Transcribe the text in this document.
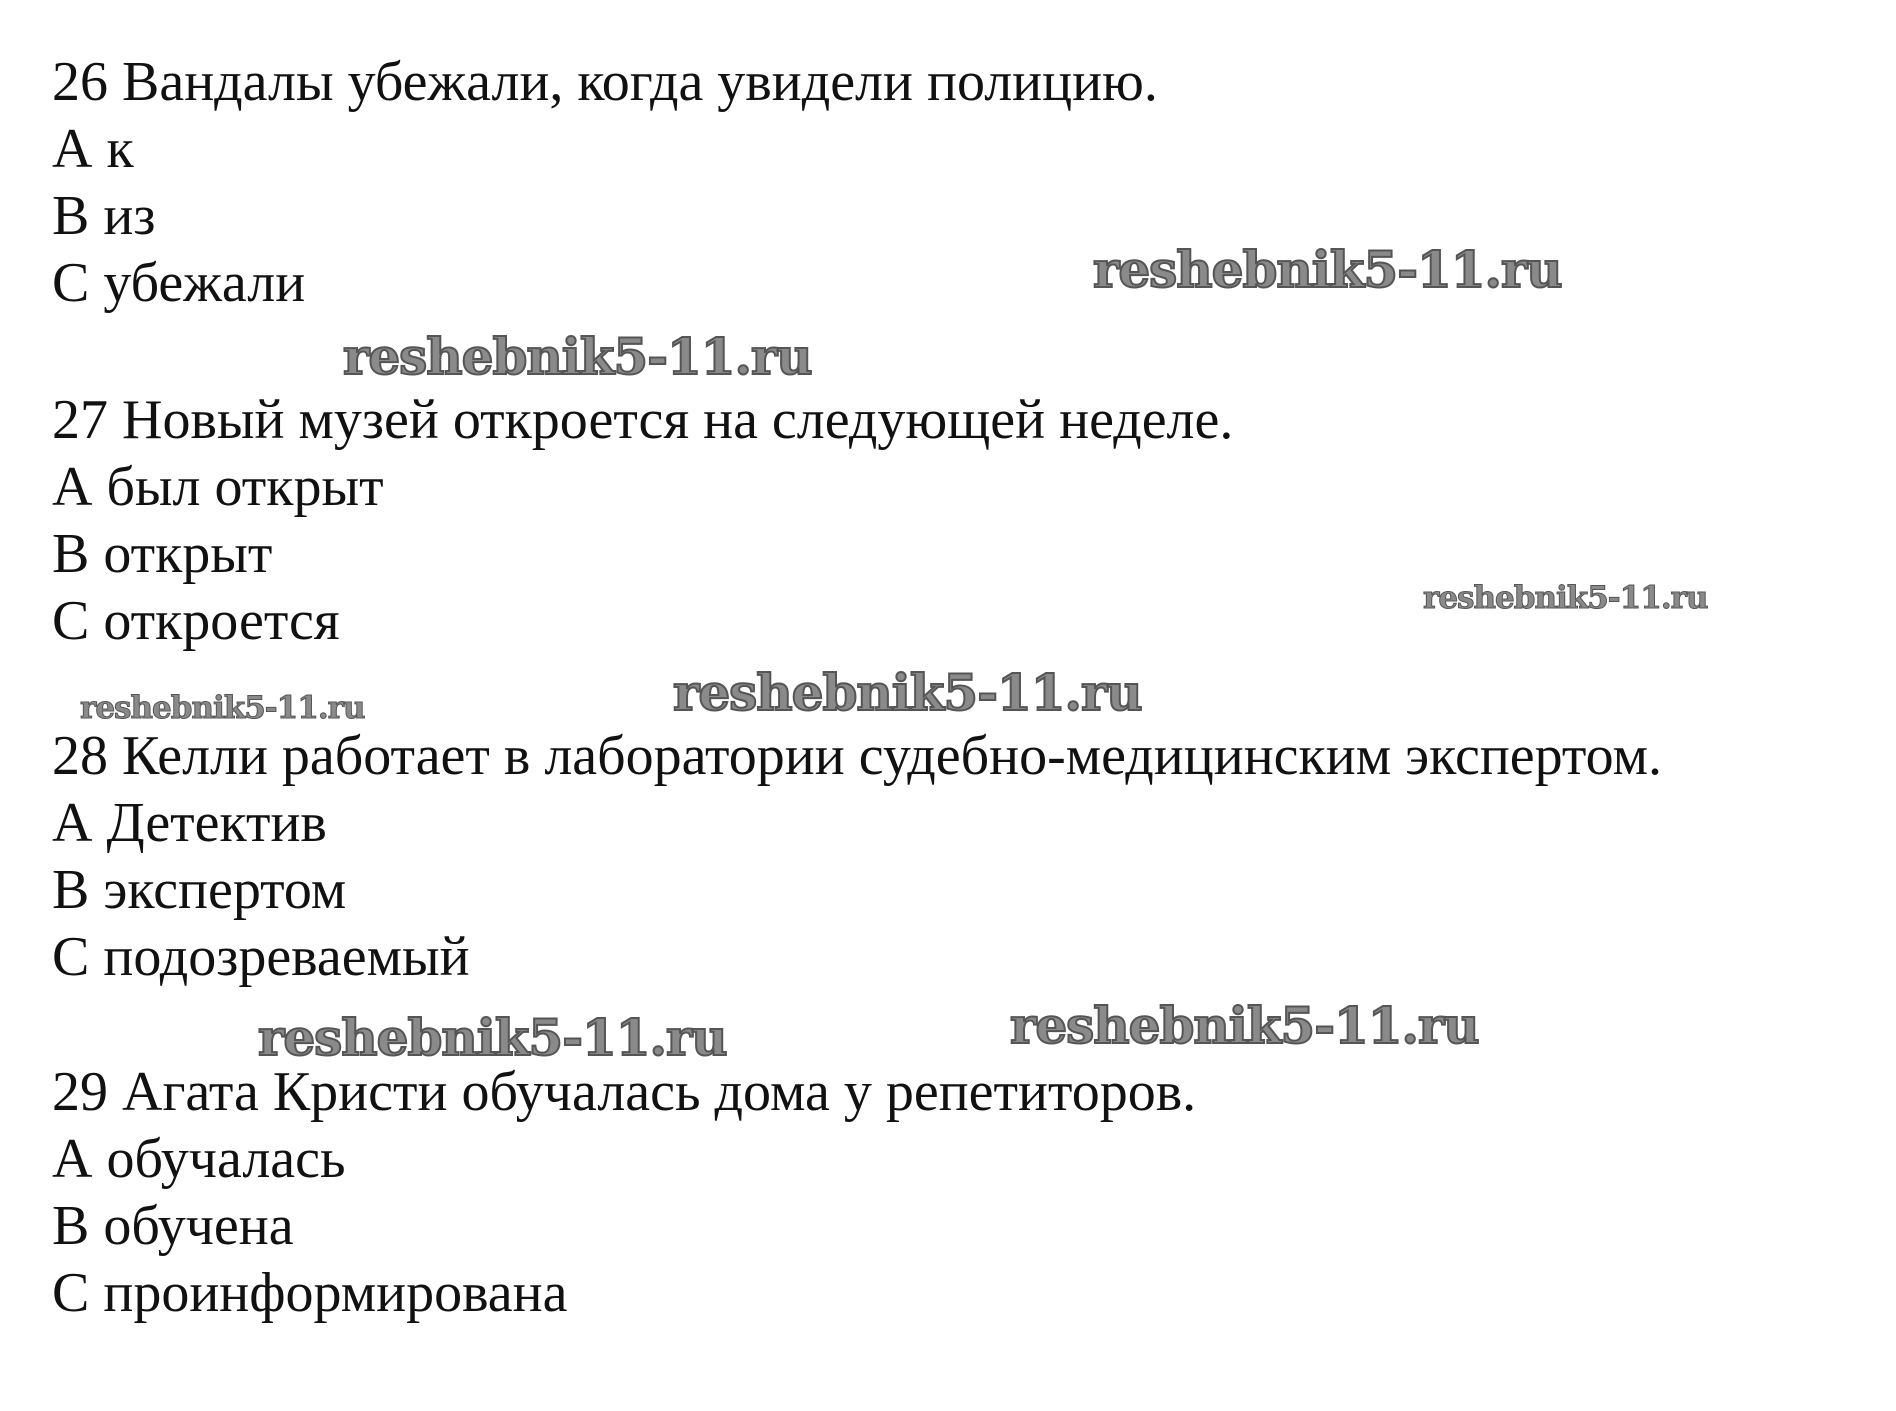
26 Вандалы убежали, когда увидели полицию.
А к
В из
С убежали
27 Новый музей откроется на следующей неделе.
А был открыт
В открыт
С откроется
28 Келли работает в лаборатории судебно-медицинским экспертом.
А Детектив
В экспертом
С подозреваемый
29 Агата Кристи обучалась дома у репетиторов.
А обучалась
В обучена
С проинформирована
reshebnik5-11.ru
reshebnik5-11.ru
reshebnik5-11.ru
reshebnik5-11.ru
reshebnik5-11.ru
reshebnik5-11.ru
reshebnik5-11.ru
